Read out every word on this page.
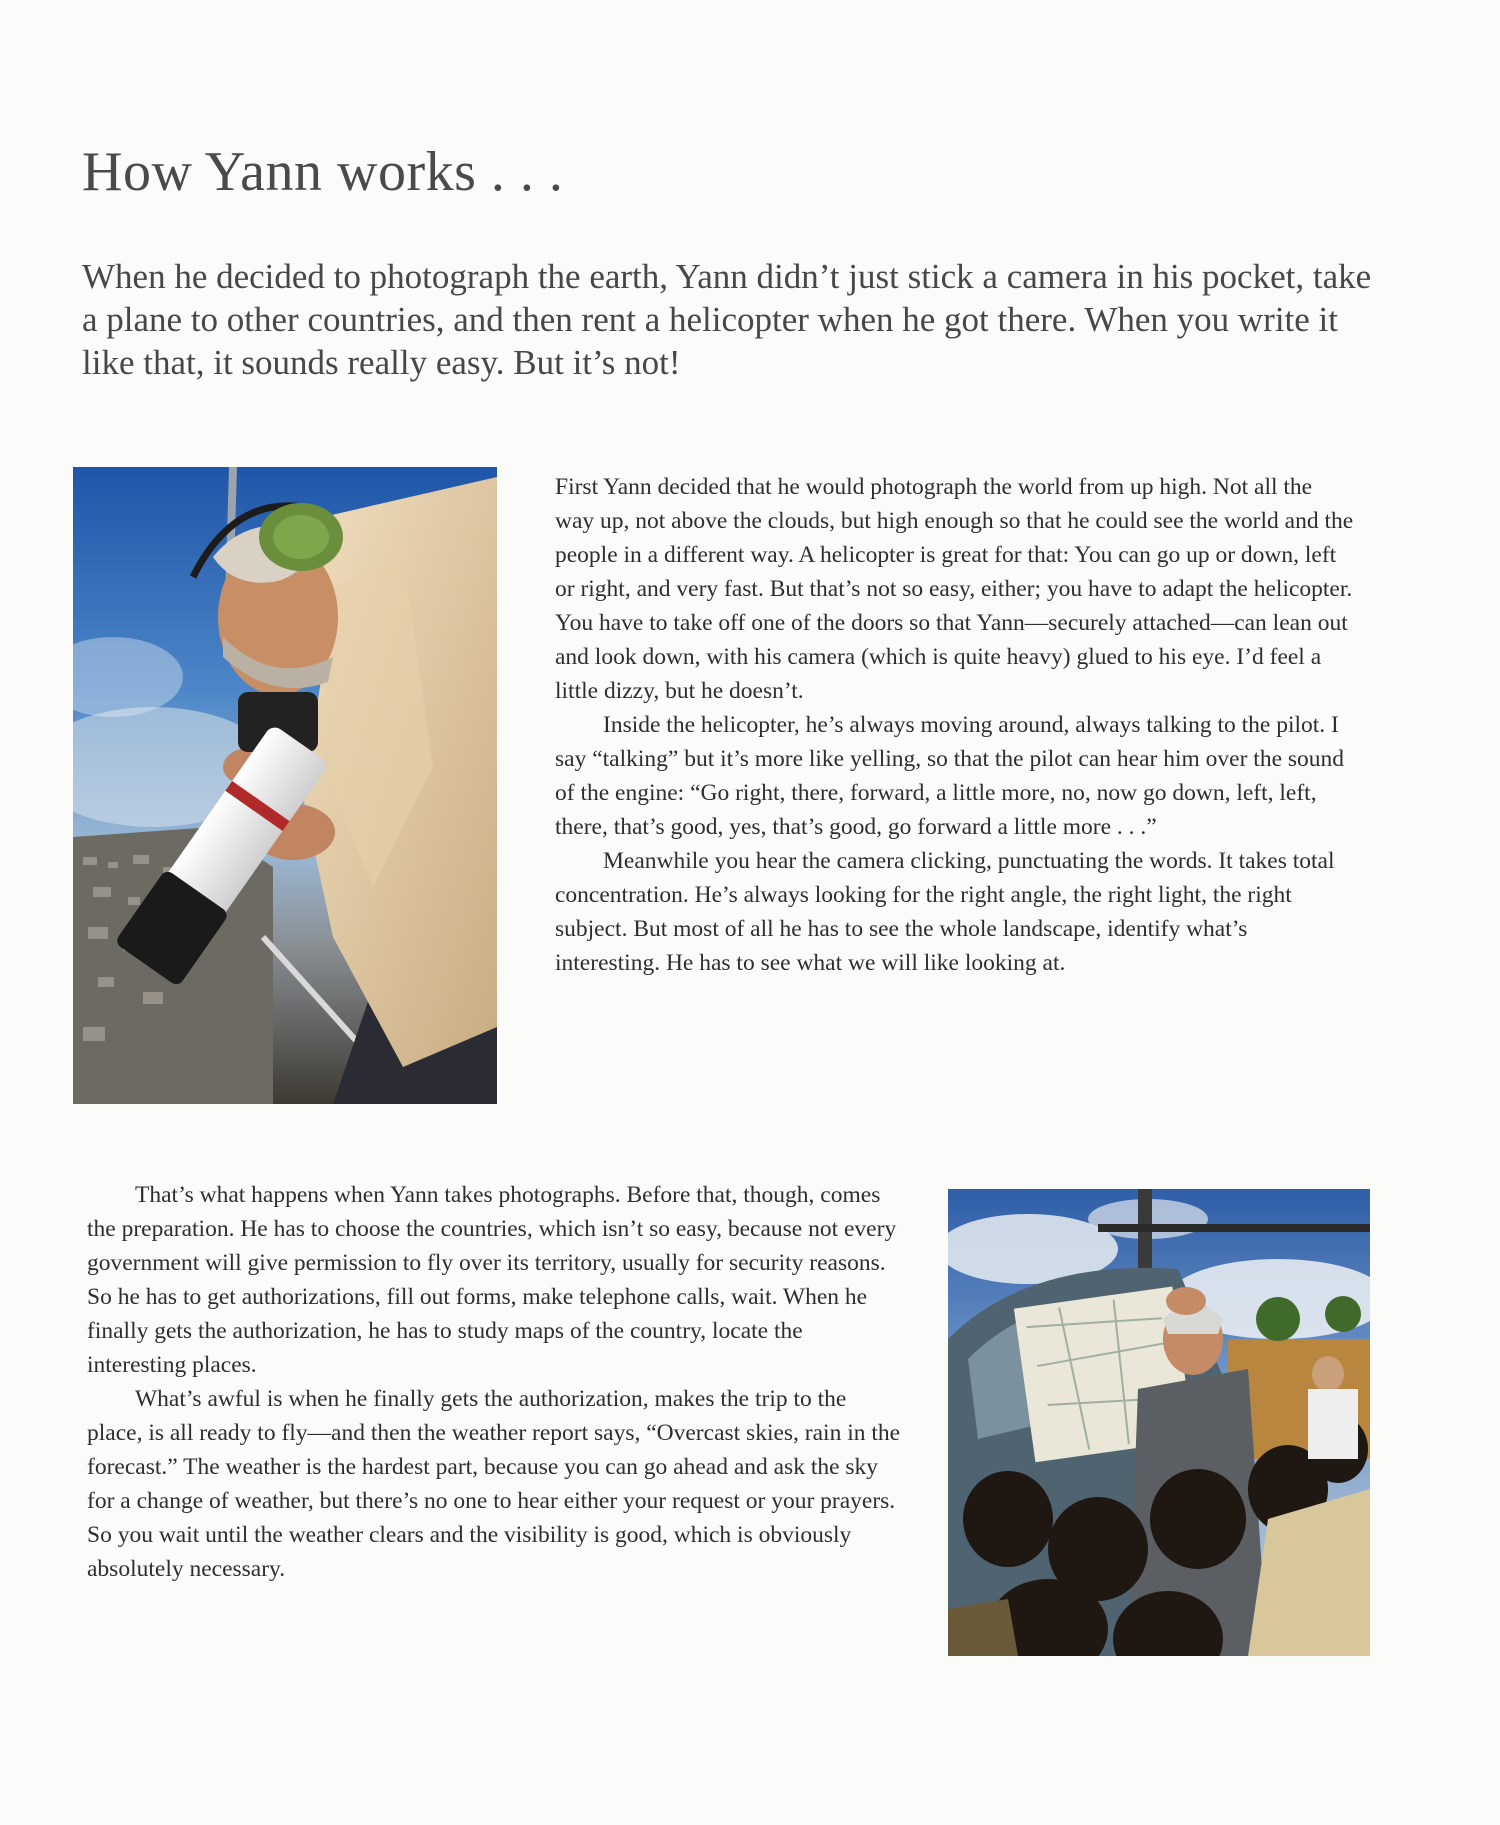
How Yann works . . .

When he decided to photograph the earth, Yann didn’t just stick a camera in his pocket, take a plane to other countries, and then rent a helicopter when he got there. When you write it like that, it sounds really easy. But it’s not!

First Yann decided that he would photograph the world from up high. Not all the way up, not above the clouds, but high enough so that he could see the world and the people in a different way. A helicopter is great for that: You can go up or down, left or right, and very fast. But that’s not so easy, either; you have to adapt the helicopter. You have to take off one of the doors so that Yann—securely attached—can lean out and look down, with his camera (which is quite heavy) glued to his eye. I’d feel a little dizzy, but he doesn’t.

Inside the helicopter, he’s always moving around, always talking to the pilot. I say “talking” but it’s more like yelling, so that the pilot can hear him over the sound of the engine: “Go right, there, forward, a little more, no, now go down, left, left, there, that’s good, yes, that’s good, go forward a little more . . .”

Meanwhile you hear the camera clicking, punctuating the words. It takes total concentration. He’s always looking for the right angle, the right light, the right subject. But most of all he has to see the whole landscape, identify what’s interesting. He has to see what we will like looking at.

That’s what happens when Yann takes photographs. Before that, though, comes the preparation. He has to choose the countries, which isn’t so easy, because not every government will give permission to fly over its territory, usually for security reasons. So he has to get authorizations, fill out forms, make telephone calls, wait. When he finally gets the authorization, he has to study maps of the country, locate the interesting places.

What’s awful is when he finally gets the authorization, makes the trip to the place, is all ready to fly—and then the weather report says, “Overcast skies, rain in the forecast.” The weather is the hardest part, because you can go ahead and ask the sky for a change of weather, but there’s no one to hear either your request or your prayers. So you wait until the weather clears and the visibility is good, which is obviously absolutely necessary.
